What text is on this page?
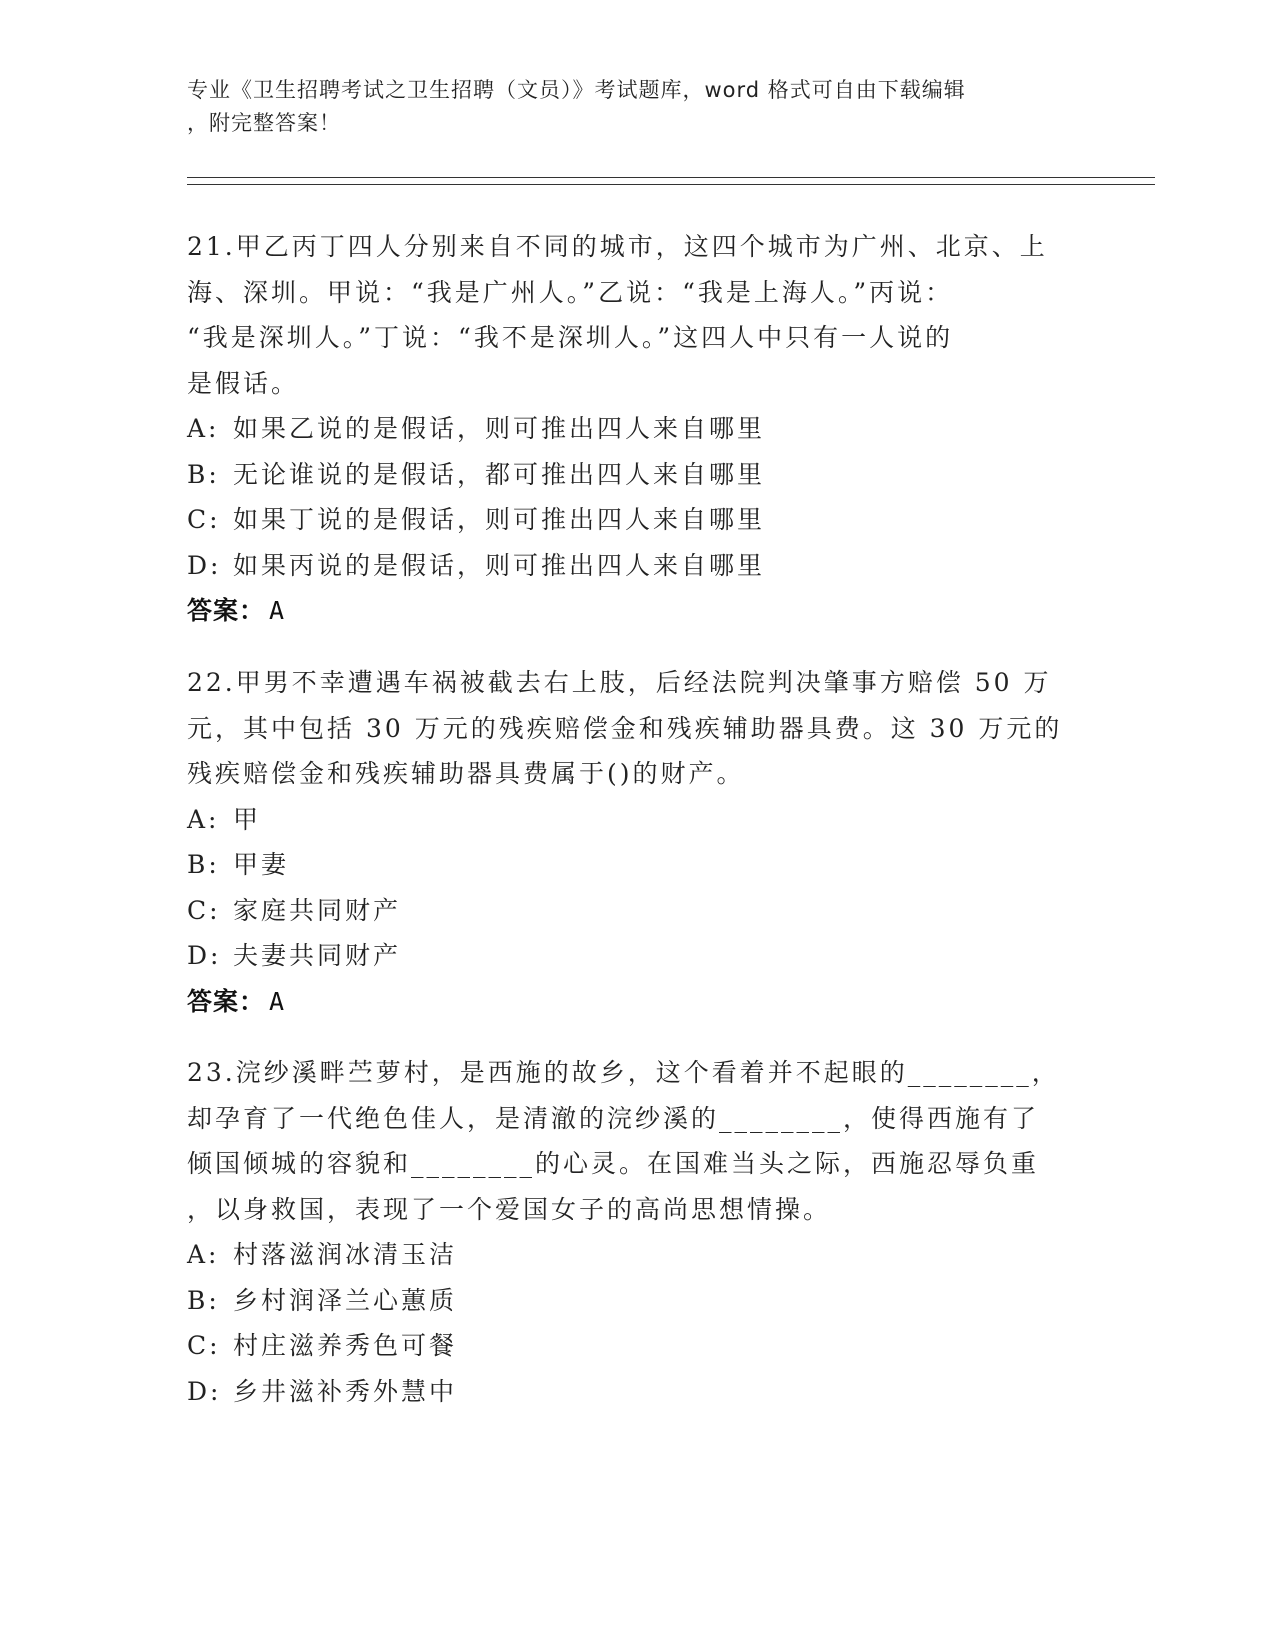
专业《卫生招聘考试之卫生招聘（文员）》考试题库，word 格式可自由下载编辑
，附完整答案！
21.甲乙丙丁四人分别来自不同的城市，这四个城市为广州、北京、上
海、深圳。甲说：“我是广州人。”乙说：“我是上海人。”丙说：
“我是深圳人。”丁说：“我不是深圳人。”这四人中只有一人说的
是假话。
A: 如果乙说的是假话，则可推出四人来自哪里
B: 无论谁说的是假话，都可推出四人来自哪里
C: 如果丁说的是假话，则可推出四人来自哪里
D: 如果丙说的是假话，则可推出四人来自哪里
答案： A
22.甲男不幸遭遇车祸被截去右上肢，后经法院判决肇事方赔偿 50 万
元，其中包括 30 万元的残疾赔偿金和残疾辅助器具费。这 30 万元的
残疾赔偿金和残疾辅助器具费属于()的财产。
A: 甲
B: 甲妻
C: 家庭共同财产
D: 夫妻共同财产
答案： A
23.浣纱溪畔苎萝村，是西施的故乡，这个看着并不起眼的________，
却孕育了一代绝色佳人，是清澈的浣纱溪的________，使得西施有了
倾国倾城的容貌和________的心灵。在国难当头之际，西施忍辱负重
，以身救国，表现了一个爱国女子的高尚思想情操。
A: 村落滋润冰清玉洁
B: 乡村润泽兰心蕙质
C: 村庄滋养秀色可餐
D: 乡井滋补秀外慧中
